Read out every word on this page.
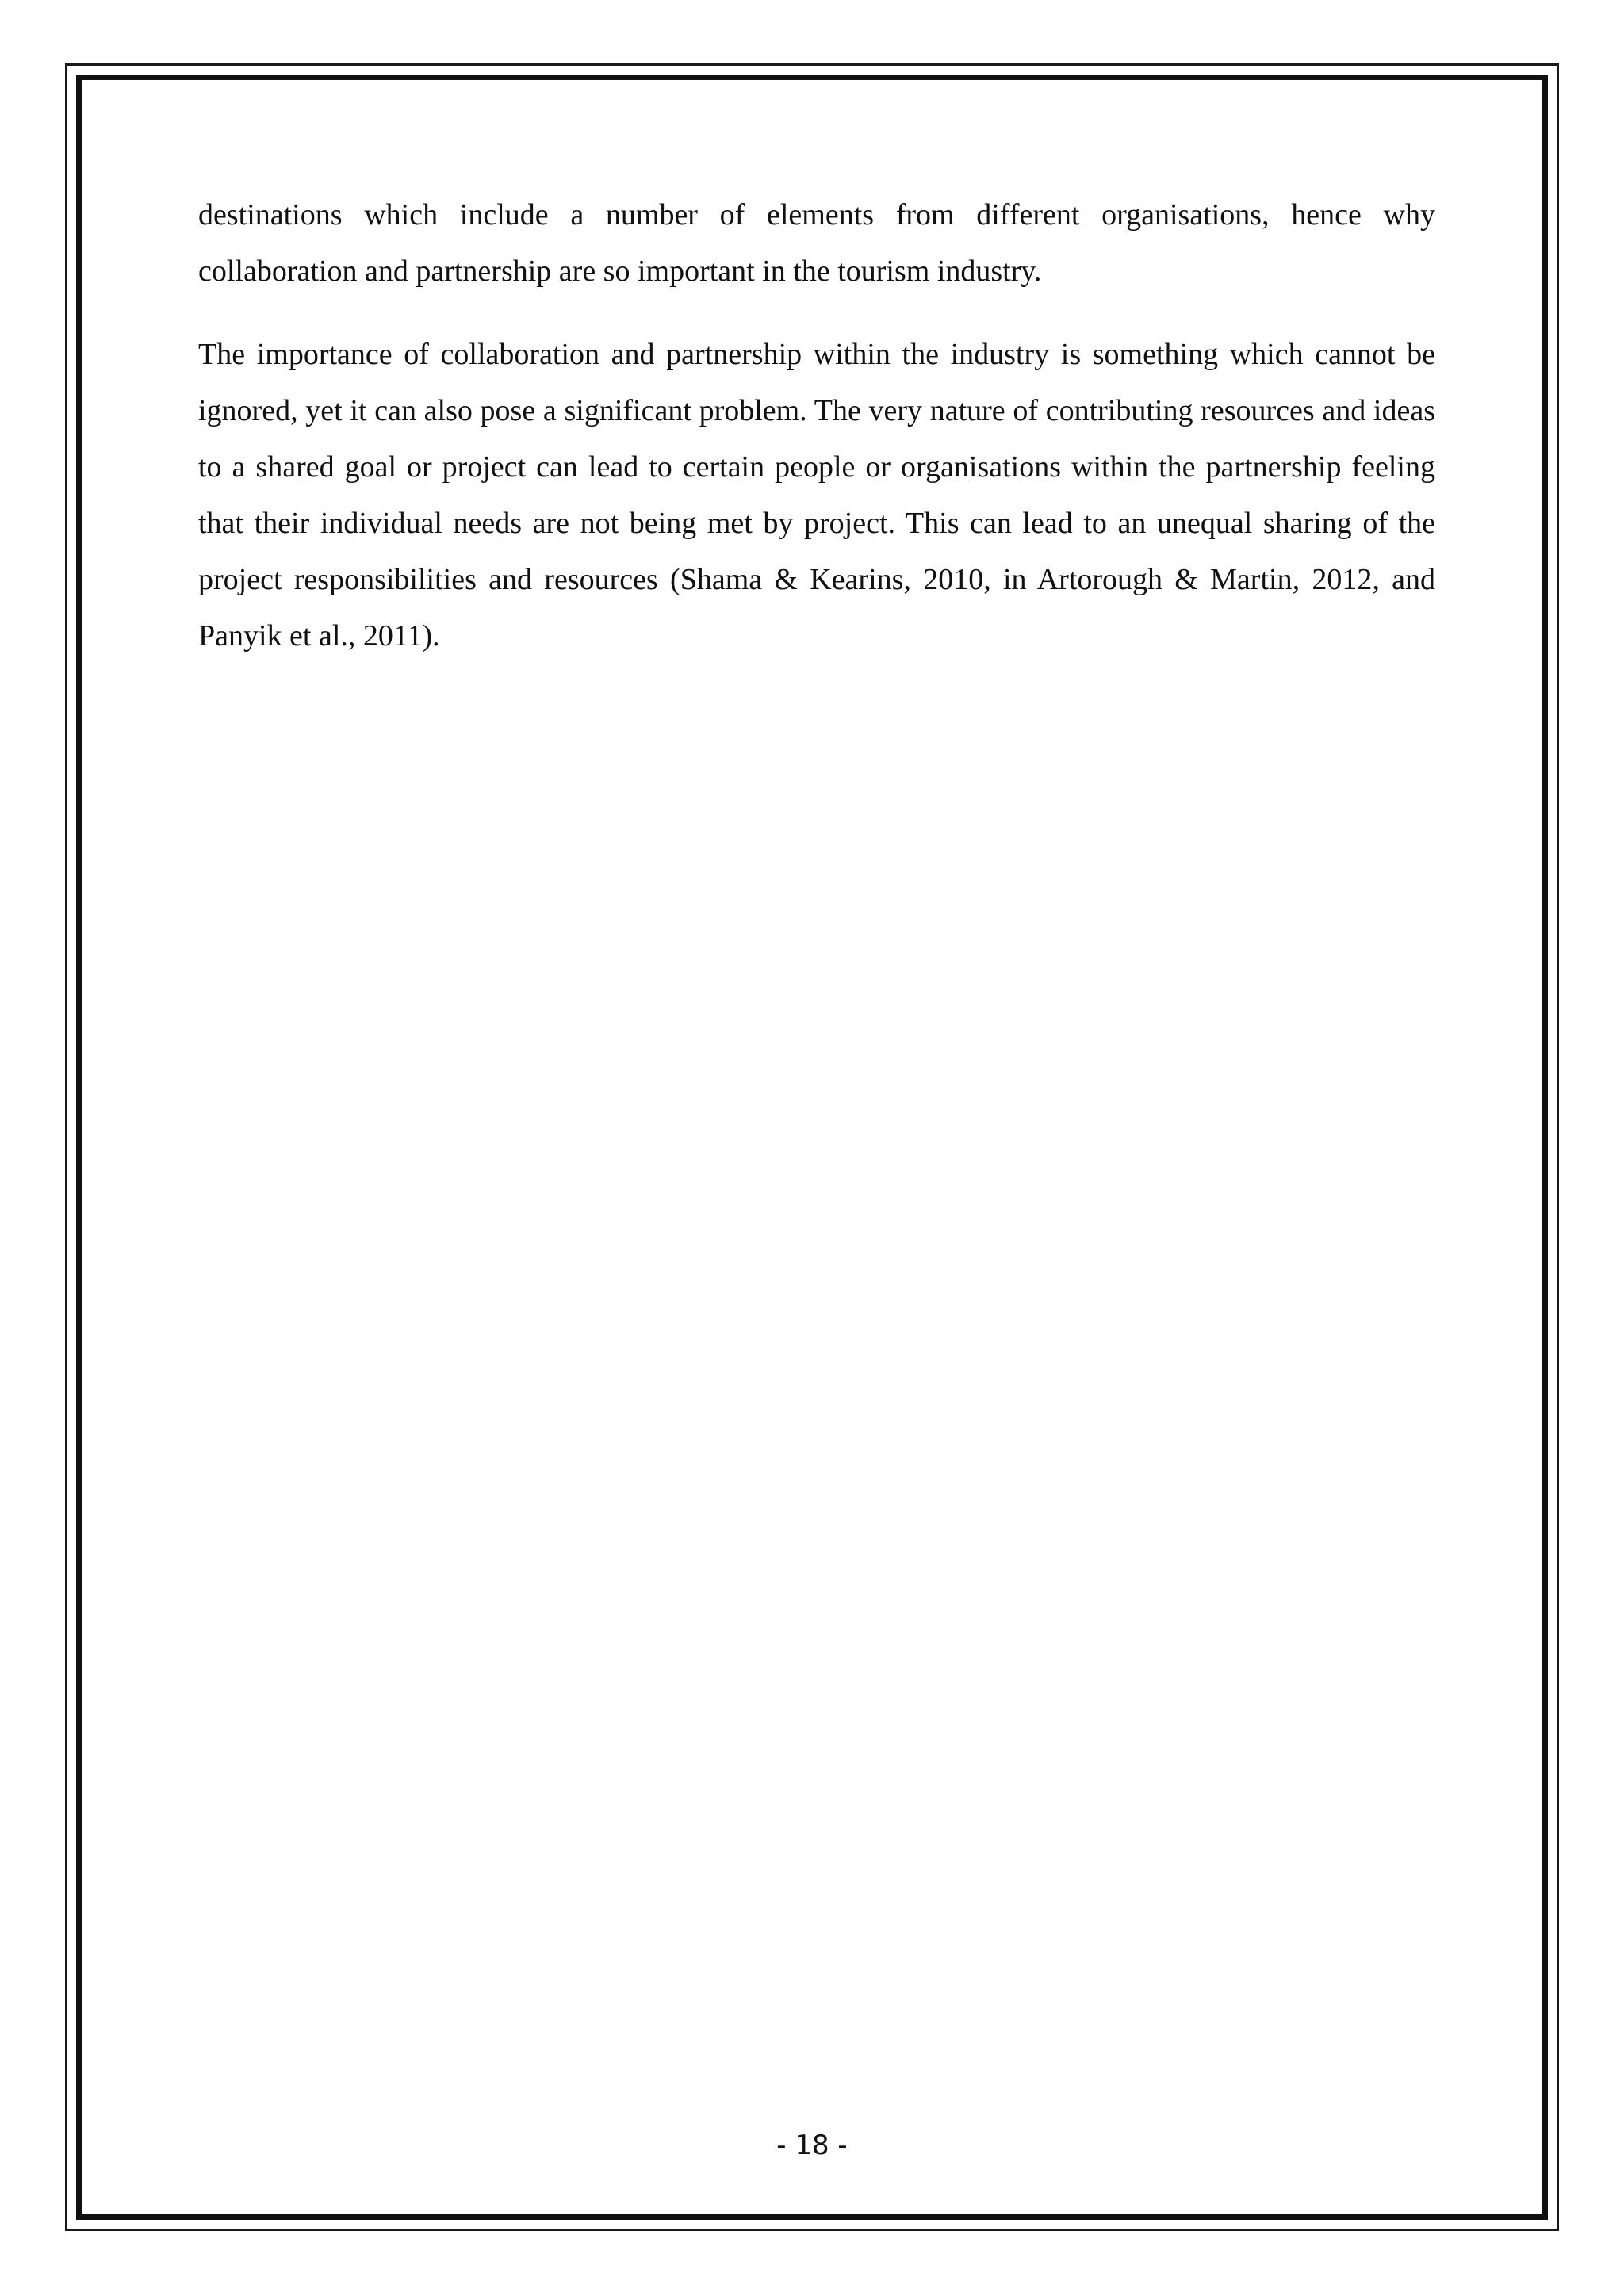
destinations which include a number of elements from different organisations, hence why collaboration and partnership are so important in the tourism industry.

The importance of collaboration and partnership within the industry is something which cannot be ignored, yet it can also pose a significant problem. The very nature of contributing resources and ideas to a shared goal or project can lead to certain people or organisations within the partnership feeling that their individual needs are not being met by project. This can lead to an unequal sharing of the project responsibilities and resources (Shama & Kearins, 2010, in Artorough & Martin, 2012, and Panyik et al., 2011).

- 18 -
